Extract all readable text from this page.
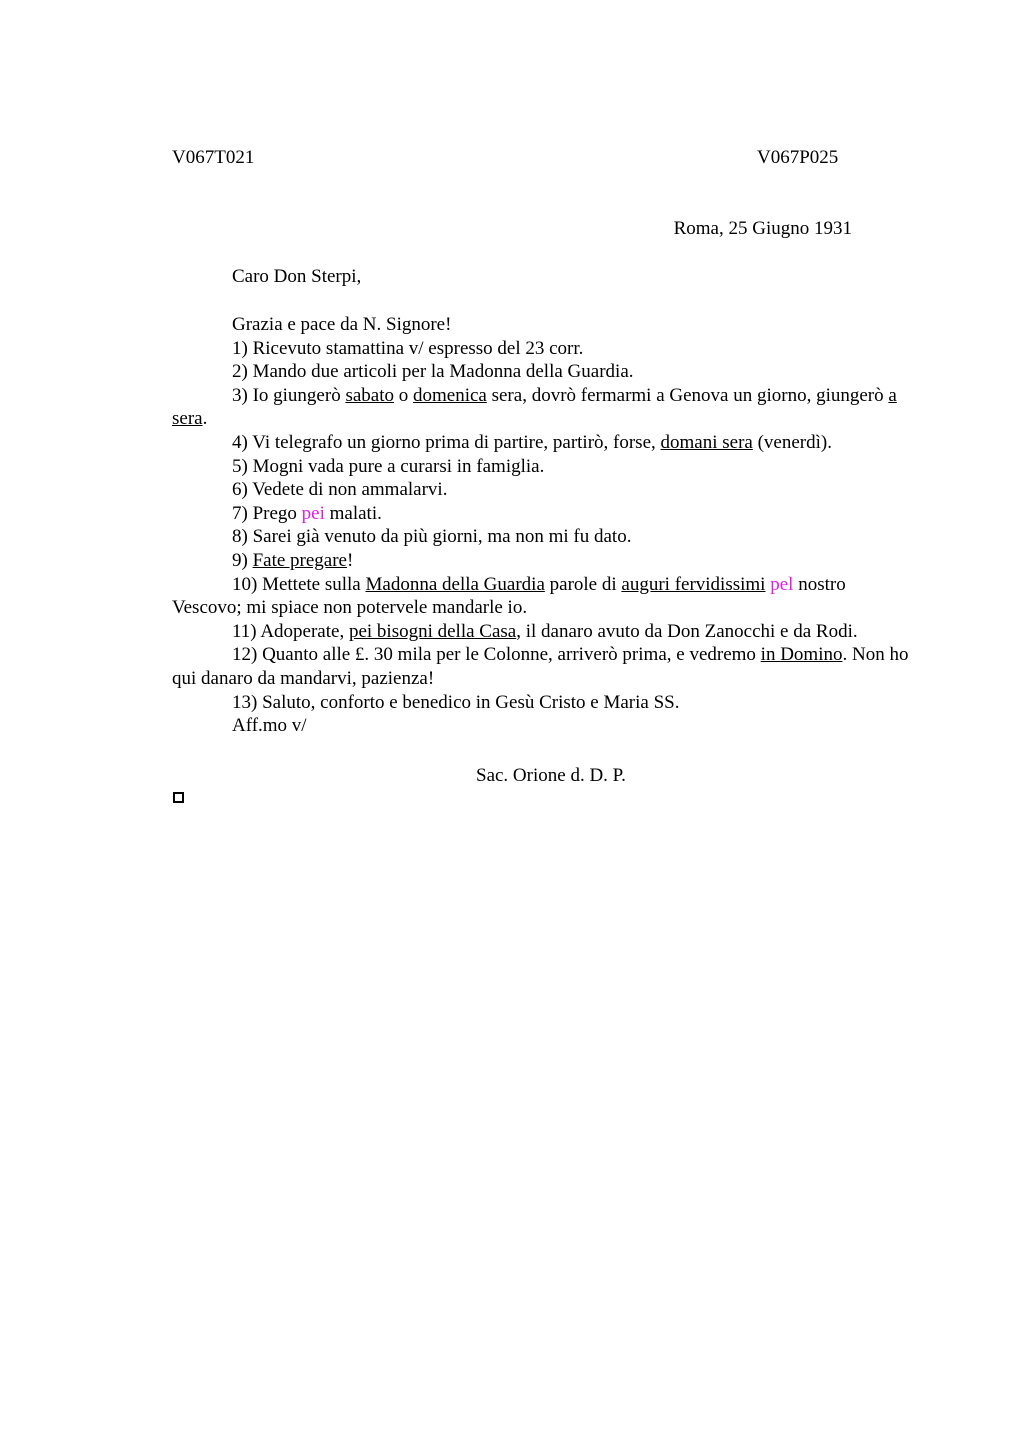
V067T021	V067P025
Roma, 25 Giugno 1931
Caro Don Sterpi,

Grazia e pace da N. Signore!

1) Ricevuto stamattina v/ espresso del 23 corr.

2) Mando due articoli per la Madonna della Guardia.

3) Io giungerò sabato o domenica sera, dovrò fermarmi a Genova un giorno, giungerò a sera.

4) Vi telegrafo un giorno prima di partire, partirò, forse, domani sera (venerdì).

5) Mogni vada pure a curarsi in famiglia.

6) Vedete di non ammalarvi.

7) Prego pei malati.

8) Sarei già venuto da più giorni, ma non mi fu dato.

9) Fate pregare!

10) Mettete sulla Madonna della Guardia parole di auguri fervidissimi pel nostro Vescovo; mi spiace non potervele mandarle io.

11) Adoperate, pei bisogni della Casa, il danaro avuto da Don Zanocchi e da Rodi.

12) Quanto alle £. 30 mila per le Colonne, arriverò prima, e vedremo in Domino. Non ho qui danaro da mandarvi, pazienza!

13) Saluto, conforto e benedico in Gesù Cristo e Maria SS.

Aff.mo v/

Sac. Orione d. D. P.
